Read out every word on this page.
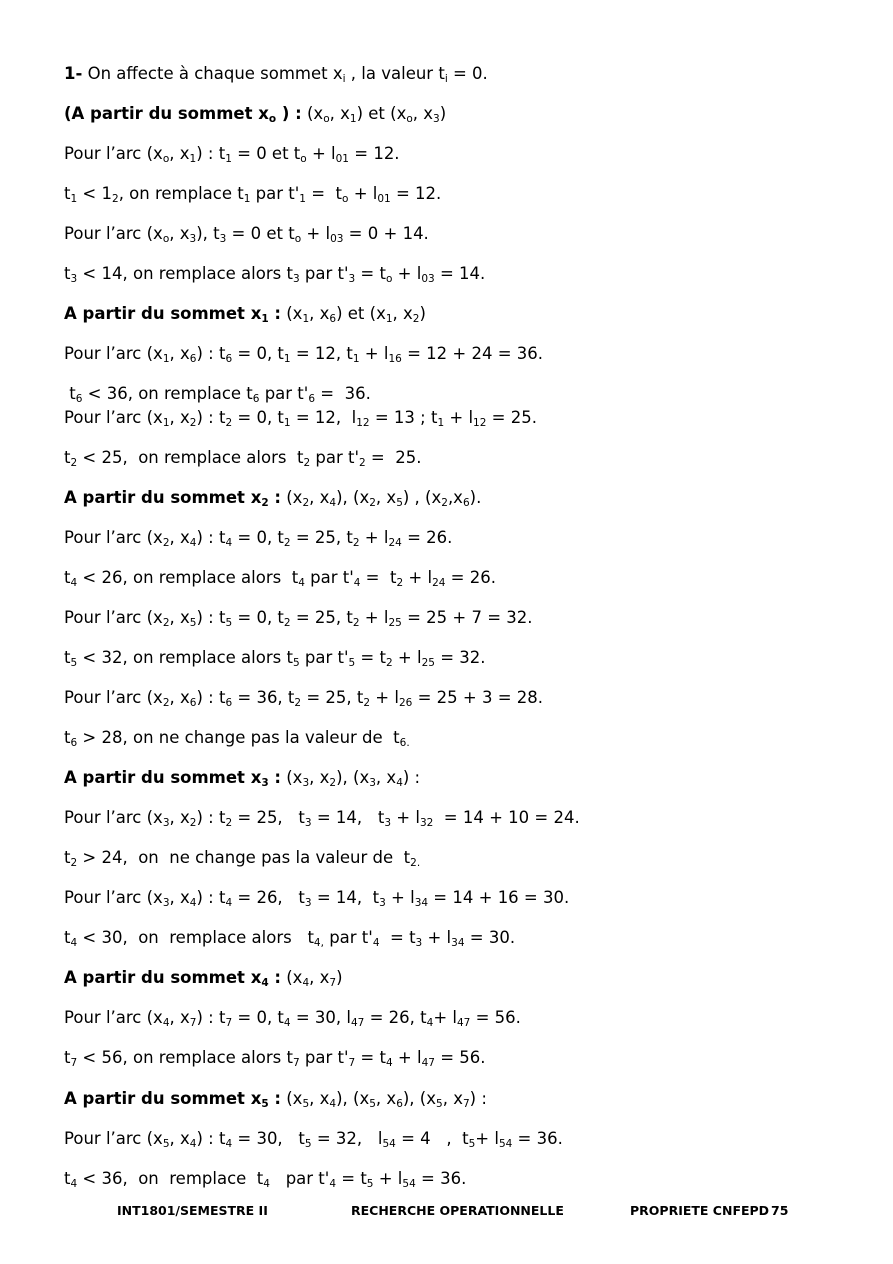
1- On affecte à chaque sommet $x_i$ , la valeur $t_i = 0$.
(A partir du sommet $x_o$ ) : ($x_o$, $x_1$) et ($x_o$, $x_3$)
Pour l’arc ($x_o$, $x_1$) : $t_1 = 0$ et $t_o + l_{01} = 12$.
$t_1 < 1_2$, on remplace $t_1$ par $t'_1 = t_o + l_{01} = 12$.
Pour l’arc ($x_o$, $x_3$), $t_3 = 0$ et $t_o + l_{03} = 0 + 14$.
$t_3 < 14$, on remplace alors $t_3$ par $t'_3 = t_o + l_{03} = 14$.
A partir du sommet $x_1$ : ($x_1$, $x_6$) et ($x_1$, $x_2$)
Pour l’arc ($x_1$, $x_6$) : $t_6 = 0$, $t_1 = 12$, $t_1 + l_{16} = 12 + 24 = 36$.
$t_6 < 36$, on remplace $t_6$ par $t'_6 = 36$.
Pour l’arc ($x_1$, $x_2$) : $t_2 = 0$, $t_1 = 12$,  $l_{12} = 13$ ; $t_1 + l_{12} = 25$.
$t_2 < 25$,  on remplace alors  $t_2$ par $t'_2 = 25$.
A partir du sommet $x_2$ : ($x_2$, $x_4$), ($x_2$, $x_5$) , $(x_2,x_6)$.
Pour l’arc ($x_2$, $x_4$) : $t_4 = 0$, $t_2 = 25$, $t_2 + l_{24} = 26$.
$t_4 < 26$, on remplace alors  $t_4$ par $t'_4 = t_2 + l_{24} = 26$.
Pour l’arc ($x_2$, $x_5$) : $t_5 = 0$, $t_2 = 25$, $t_2 + l_{25} = 25 + 7 = 32$.
$t_5 < 32$, on remplace alors $t_5$ par $t'_5 = t_2 + l_{25} = 32$.
Pour l’arc ($x_2$, $x_6$) : $t_6 = 36$, $t_2 = 25$, $t_2 + l_{26} = 25 + 3 = 28$.
$t_6 > 28$, on ne change pas la valeur de  $t_{6.}$
A partir du sommet $x_3$ : ($x_3$, $x_2$), ($x_3$, $x_4$) :
Pour l’arc ($x_3$, $x_2$) : $t_2 = 25$,   $t_3 = 14$,   $t_3 + l_{32} = 14 + 10 = 24$.
$t_2 > 24$,  on  ne change pas la valeur de  $t_{2.}$
Pour l’arc ($x_3$, $x_4$) : $t_4 = 26$,   $t_3 = 14$,  $t_3 + l_{34} = 14 + 16 = 30$.
$t_4 < 30$,  on  remplace alors   $t_{4,}$ par $t'_4 = t_3 + l_{34} = 30$.
A partir du sommet $x_4$ : ($x_4$, $x_7$)
Pour l’arc ($x_4$, $x_7$) : $t_7 = 0$, $t_4 = 30$, $l_{47} = 26$, $t_4+ l_{47} = 56$.
$t_7 < 56$, on remplace alors $t_7$ par $t'_7 = t_4 + l_{47} = 56$.
A partir du sommet $x_5$ : ($x_5$, $x_4$), ($x_5$, $x_6$), ($x_5$, $x_7$) :
Pour l’arc ($x_5$, $x_4$) : $t_4 = 30$,   $t_5 = 32$,   $l_{54} = 4$   ,  $t_5+ l_{54} = 36$.
$t_4 < 36$,  on  remplace  $t_4$   par $t'_4 = t_5 + l_{54} = 36$.
INT1801/SEMESTRE II	RECHERCHE OPERATIONNELLE	PROPRIETE CNFEPD 75
